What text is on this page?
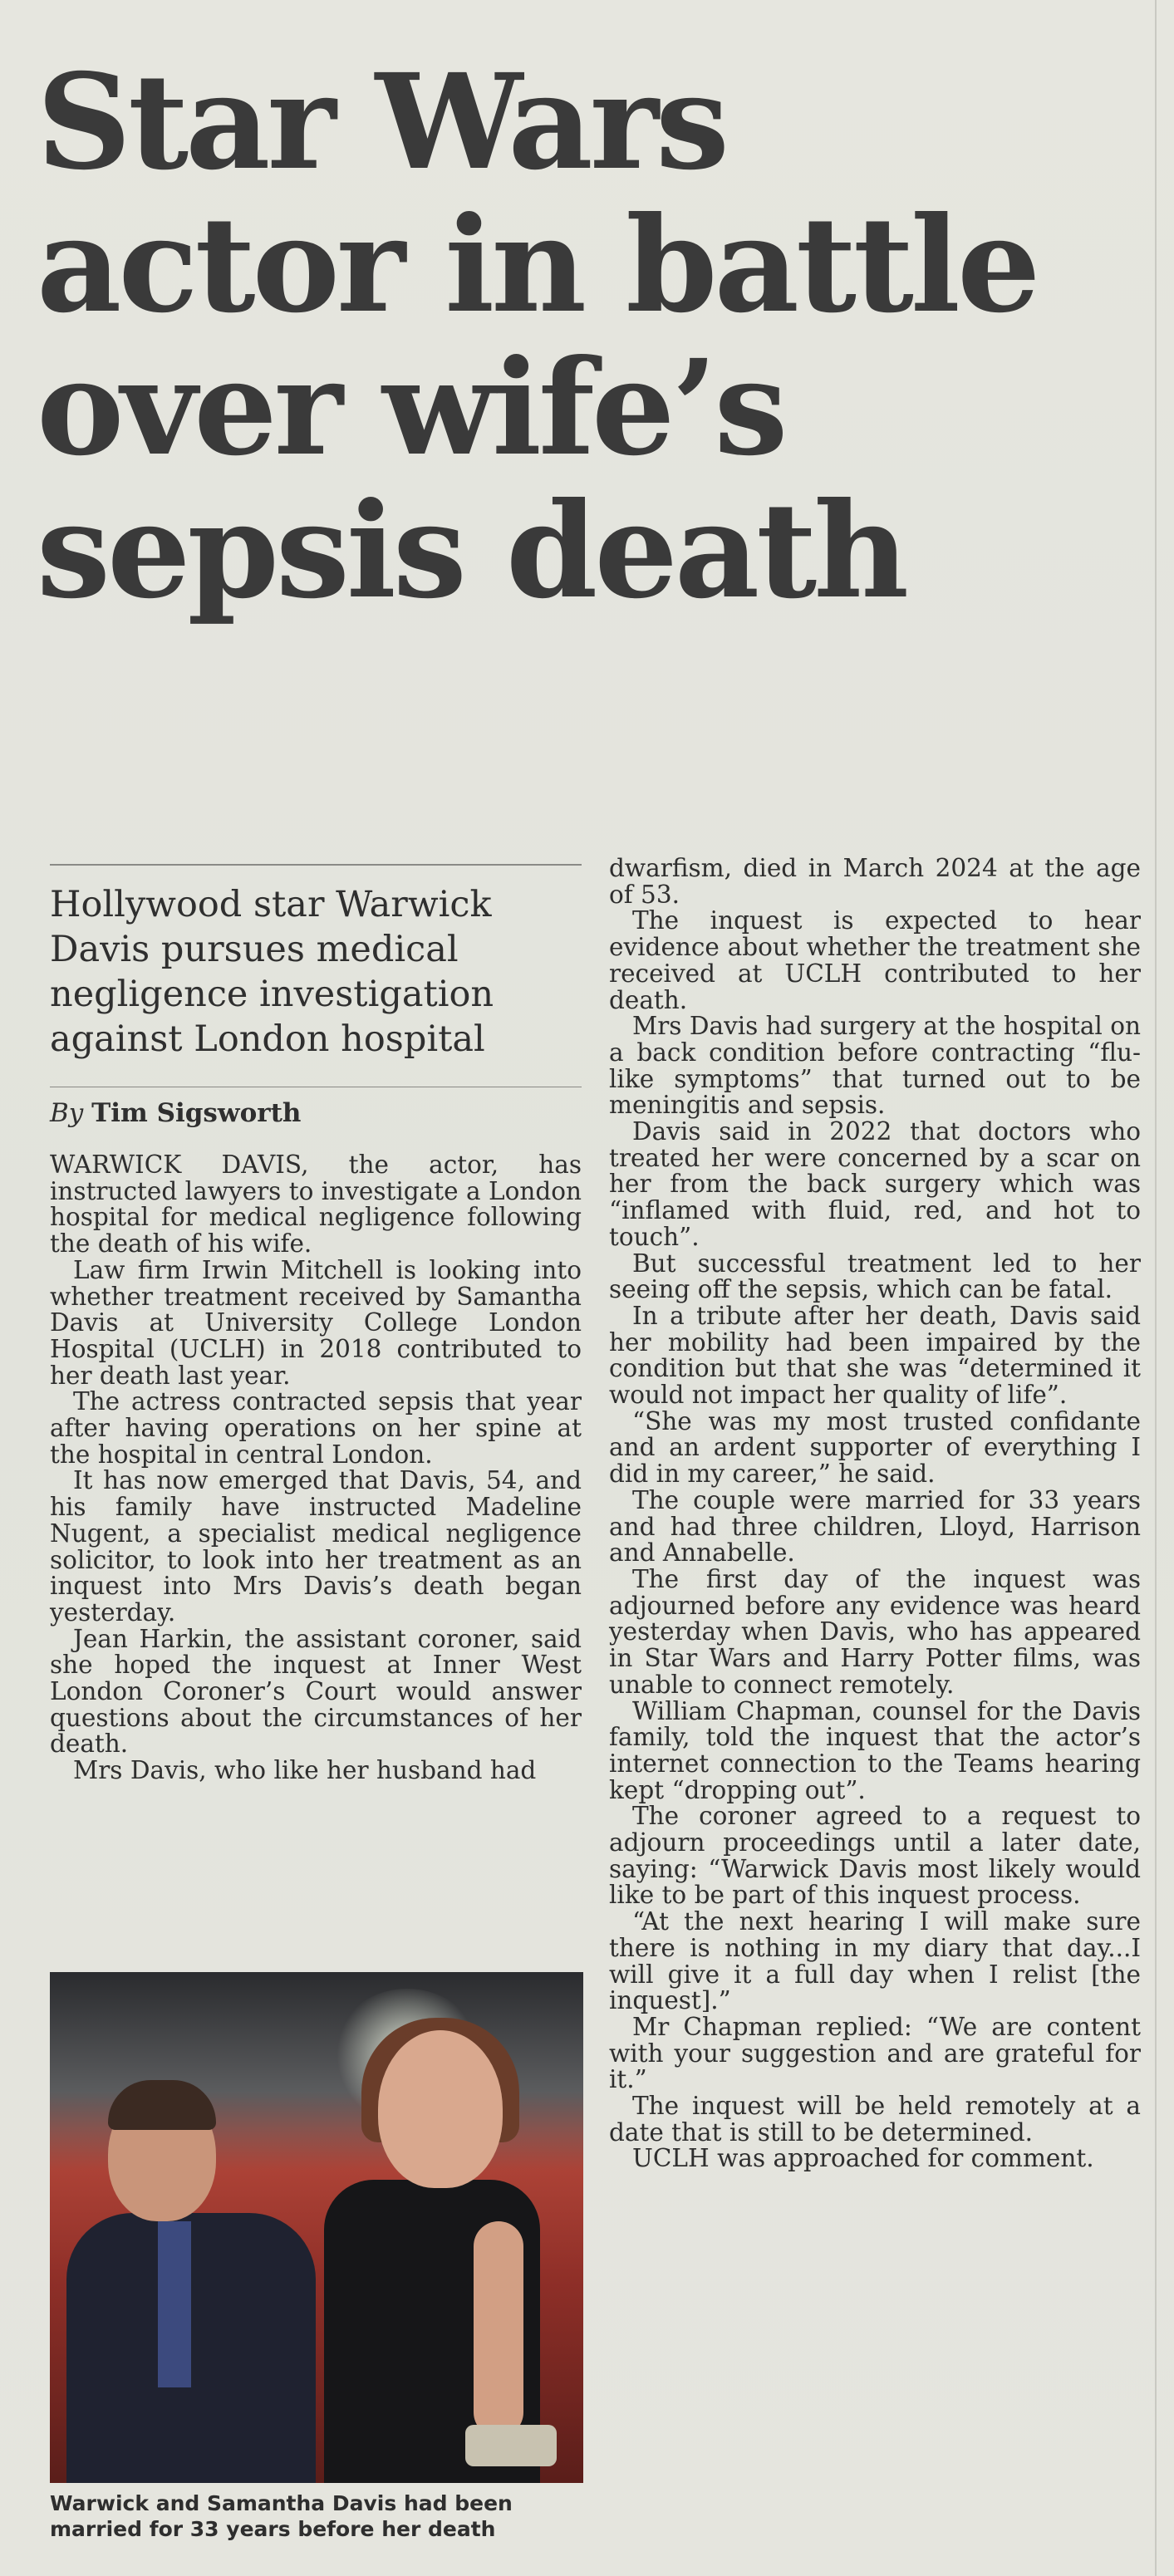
Star Wars
actor in battle
over wife’s
sepsis death

Hollywood star Warwick Davis pursues medical negligence investigation against London hospital

By Tim Sigsworth

WARWICK DAVIS, the actor, has instructed lawyers to investigate a London hospital for medical negligence following the death of his wife.

Law firm Irwin Mitchell is looking into whether treatment received by Samantha Davis at University College London Hospital (UCLH) in 2018 contributed to her death last year.

The actress contracted sepsis that year after having operations on her spine at the hospital in central London.

It has now emerged that Davis, 54, and his family have instructed Madeline Nugent, a specialist medical negligence solicitor, to look into her treatment as an inquest into Mrs Davis’s death began yesterday.

Jean Harkin, the assistant coroner, said she hoped the inquest at Inner West London Coroner’s Court would answer questions about the circumstances of her death.

Mrs Davis, who like her husband had

dwarfism, died in March 2024 at the age of 53.

The inquest is expected to hear evidence about whether the treatment she received at UCLH contributed to her death.

Mrs Davis had surgery at the hospital on a back condition before contracting “flu-like symptoms” that turned out to be meningitis and sepsis.

Davis said in 2022 that doctors who treated her were concerned by a scar on her from the back surgery which was “inflamed with fluid, red, and hot to touch”.

But successful treatment led to her seeing off the sepsis, which can be fatal.

In a tribute after her death, Davis said her mobility had been impaired by the condition but that she was “determined it would not impact her quality of life”.

“She was my most trusted confidante and an ardent supporter of everything I did in my career,” he said.

The couple were married for 33 years and had three children, Lloyd, Harrison and Annabelle.

The first day of the inquest was adjourned before any evidence was heard yesterday when Davis, who has appeared in Star Wars and Harry Potter films, was unable to connect remotely.

William Chapman, counsel for the Davis family, told the inquest that the actor’s internet connection to the Teams hearing kept “dropping out”.

The coroner agreed to a request to adjourn proceedings until a later date, saying: “Warwick Davis most likely would like to be part of this inquest process.

“At the next hearing I will make sure there is nothing in my diary that day...I will give it a full day when I relist [the inquest].”

Mr Chapman replied: “We are content with your suggestion and are grateful for it.”

The inquest will be held remotely at a date that is still to be determined.

UCLH was approached for comment.

Warwick and Samantha Davis had been married for 33 years before her death
